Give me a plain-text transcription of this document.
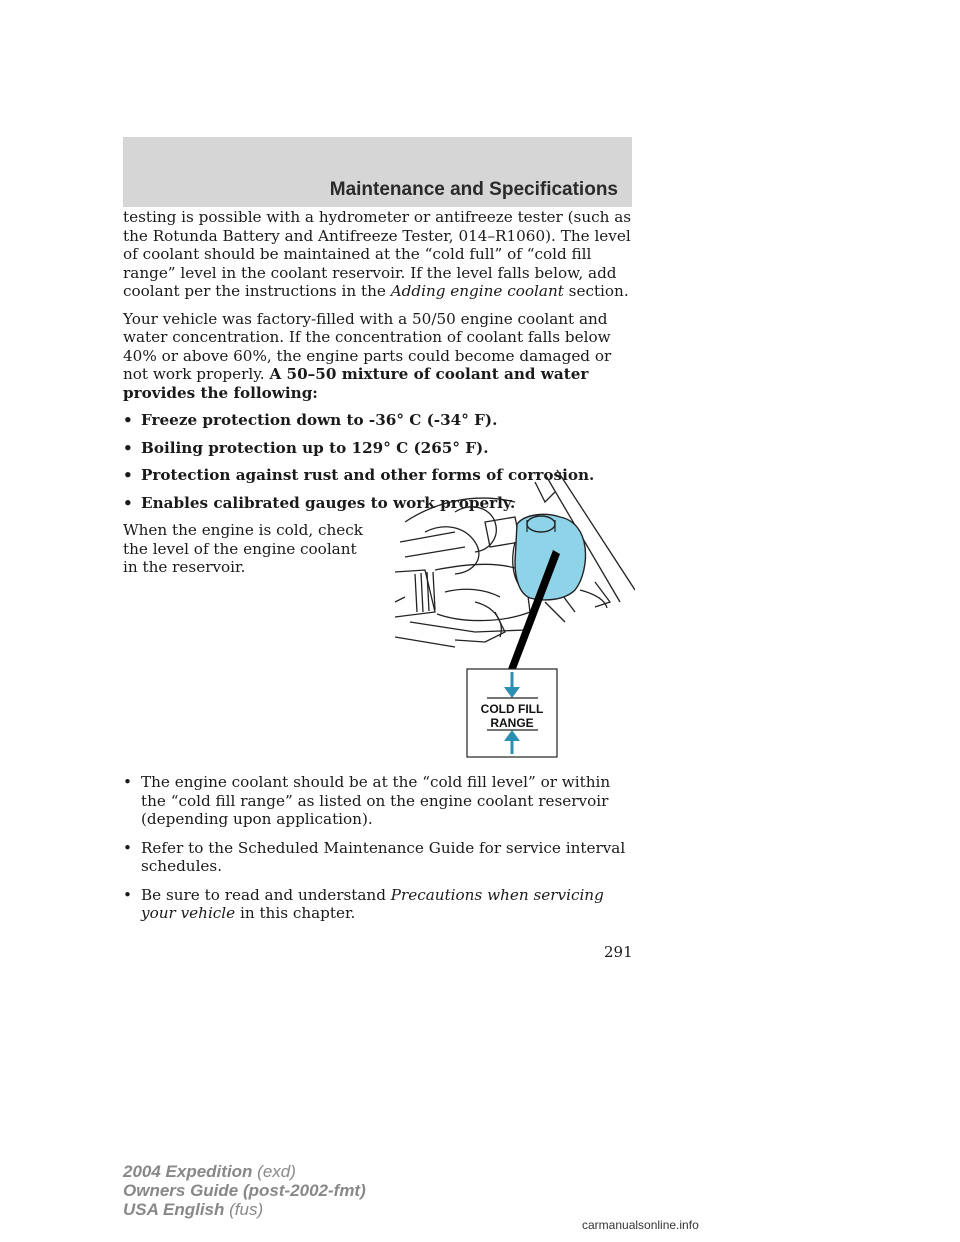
Maintenance and Specifications

testing is possible with a hydrometer or antifreeze tester (such as the Rotunda Battery and Antifreeze Tester, 014–R1060). The level of coolant should be maintained at the “cold full” of “cold fill range” level in the coolant reservoir. If the level falls below, add coolant per the instructions in the Adding engine coolant section.

Your vehicle was factory-filled with a 50/50 engine coolant and water concentration. If the concentration of coolant falls below 40% or above 60%, the engine parts could become damaged or not work properly. A 50–50 mixture of coolant and water provides the following:

• Freeze protection down to -36° C (-34° F).
• Boiling protection up to 129° C (265° F).
• Protection against rust and other forms of corrosion.
• Enables calibrated gauges to work properly.

When the engine is cold, check the level of the engine coolant in the reservoir.

COLD FILL
RANGE
• The engine coolant should be at the “cold fill level” or within the “cold fill range” as listed on the engine coolant reservoir (depending upon application).
• Refer to the Scheduled Maintenance Guide for service interval schedules.
• Be sure to read and understand Precautions when servicing your vehicle in this chapter.
291
2004 Expedition (exd)
Owners Guide (post-2002-fmt)
USA English (fus)
carmanualsonline.info
